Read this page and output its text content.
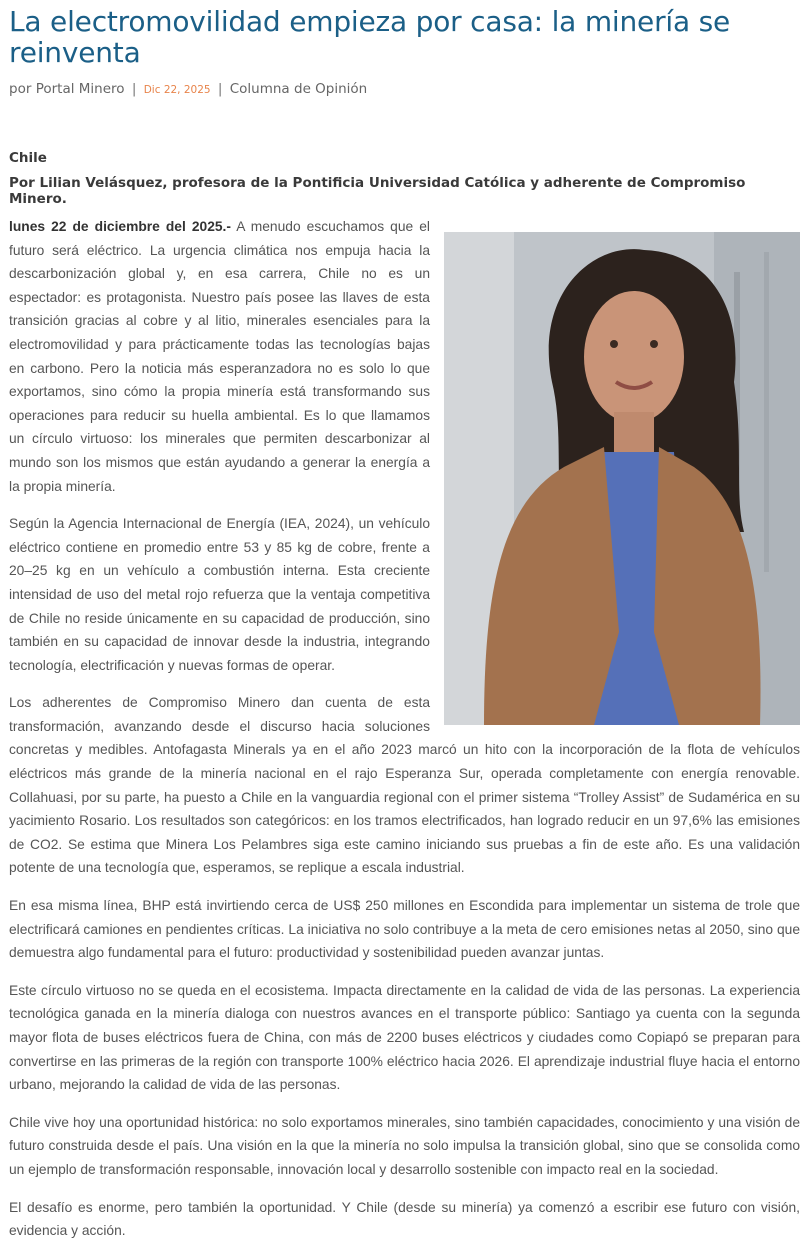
La electromovilidad empieza por casa: la minería se reinventa
por Portal Minero | Dic 22, 2025 | Columna de Opinión
Chile
Por Lilian Velásquez, profesora de la Pontificia Universidad Católica y adherente de Compromiso Minero.

lunes 22 de diciembre del 2025.- A menudo escuchamos que el futuro será eléctrico. La urgencia climática nos empuja hacia la descarbonización global y, en esa carrera, Chile no es un espectador: es protagonista. Nuestro país posee las llaves de esta transición gracias al cobre y al litio, minerales esenciales para la electromovilidad y para prácticamente todas las tecnologías bajas en carbono. Pero la noticia más esperanzadora no es solo lo que exportamos, sino cómo la propia minería está transformando sus operaciones para reducir su huella ambiental. Es lo que llamamos un círculo virtuoso: los minerales que permiten descarbonizar al mundo son los mismos que están ayudando a generar la energía a la propia minería.

Según la Agencia Internacional de Energía (IEA, 2024), un vehículo eléctrico contiene en promedio entre 53 y 85 kg de cobre, frente a 20–25 kg en un vehículo a combustión interna. Esta creciente intensidad de uso del metal rojo refuerza que la ventaja competitiva de Chile no reside únicamente en su capacidad de producción, sino también en su capacidad de innovar desde la industria, integrando tecnología, electrificación y nuevas formas de operar.

Los adherentes de Compromiso Minero dan cuenta de esta transformación, avanzando desde el discurso hacia soluciones concretas y medibles. Antofagasta Minerals ya en el año 2023 marcó un hito con la incorporación de la flota de vehículos eléctricos más grande de la minería nacional en el rajo Esperanza Sur, operada completamente con energía renovable. Collahuasi, por su parte, ha puesto a Chile en la vanguardia regional con el primer sistema “Trolley Assist” de Sudamérica en su yacimiento Rosario. Los resultados son categóricos: en los tramos electrificados, han logrado reducir en un 97,6% las emisiones de CO2. Se estima que Minera Los Pelambres siga este camino iniciando sus pruebas a fin de este año. Es una validación potente de una tecnología que, esperamos, se replique a escala industrial.

En esa misma línea, BHP está invirtiendo cerca de US$ 250 millones en Escondida para implementar un sistema de trole que electrificará camiones en pendientes críticas. La iniciativa no solo contribuye a la meta de cero emisiones netas al 2050, sino que demuestra algo fundamental para el futuro: productividad y sostenibilidad pueden avanzar juntas.

Este círculo virtuoso no se queda en el ecosistema. Impacta directamente en la calidad de vida de las personas. La experiencia tecnológica ganada en la minería dialoga con nuestros avances en el transporte público: Santiago ya cuenta con la segunda mayor flota de buses eléctricos fuera de China, con más de 2200 buses eléctricos y ciudades como Copiapó se preparan para convertirse en las primeras de la región con transporte 100% eléctrico hacia 2026. El aprendizaje industrial fluye hacia el entorno urbano, mejorando la calidad de vida de las personas.

Chile vive hoy una oportunidad histórica: no solo exportamos minerales, sino también capacidades, conocimiento y una visión de futuro construida desde el país. Una visión en la que la minería no solo impulsa la transición global, sino que se consolida como un ejemplo de transformación responsable, innovación local y desarrollo sostenible con impacto real en la sociedad.

El desafío es enorme, pero también la oportunidad. Y Chile (desde su minería) ya comenzó a escribir ese futuro con visión, evidencia y acción.
